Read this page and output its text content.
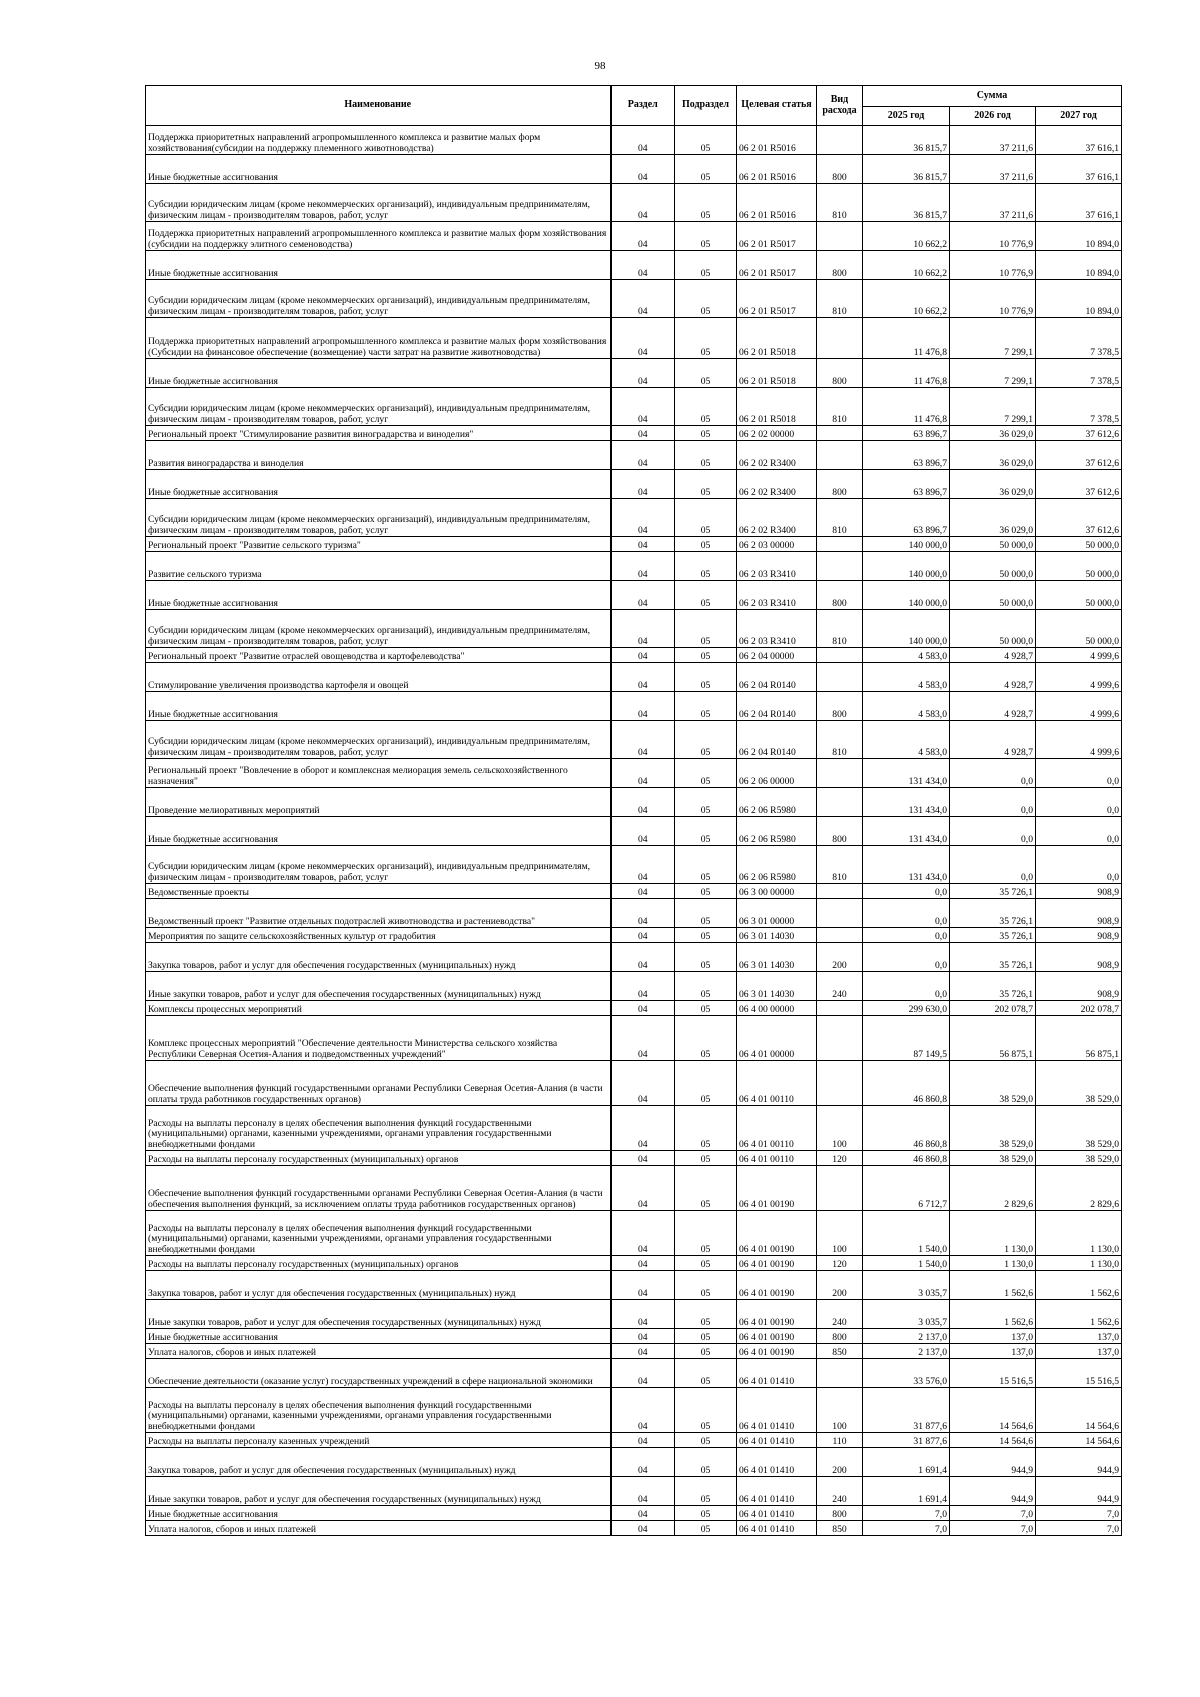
98
Наименование	Раздел	Подраздел	Целевая статья	Вид расхода	Сумма		
					2025 год	2026 год	2027 год

Поддержка приоритетных направлений агропромышленного комплекса и развитие малых форм хозяйствования(субсидии на поддержку племенного животноводства)	04	05	06 2 01 R5016		36 815,7	37 211,6	37 616,1

Иные бюджетные ассигнования	04	05	06 2 01 R5016	800	36 815,7	37 211,6	37 616,1

Субсидии юридическим лицам (кроме некоммерческих организаций), индивидуальным предпринимателям, физическим лицам - производителям товаров, работ, услуг	04	05	06 2 01 R5016	810	36 815,7	37 211,6	37 616,1

Поддержка приоритетных направлений агропромышленного комплекса и развитие малых форм хозяйствования (субсидии на поддержку элитного семеноводства)	04	05	06 2 01 R5017		10 662,2	10 776,9	10 894,0

Иные бюджетные ассигнования	04	05	06 2 01 R5017	800	10 662,2	10 776,9	10 894,0

Субсидии юридическим лицам (кроме некоммерческих организаций), индивидуальным предпринимателям, физическим лицам - производителям товаров, работ, услуг	04	05	06 2 01 R5017	810	10 662,2	10 776,9	10 894,0

Поддержка приоритетных направлений агропромышленного комплекса и развитие малых форм хозяйствования (Субсидии на финансовое обеспечение (возмещение) части затрат на развитие животноводства)	04	05	06 2 01 R5018		11 476,8	7 299,1	7 378,5

Иные бюджетные ассигнования	04	05	06 2 01 R5018	800	11 476,8	7 299,1	7 378,5

Субсидии юридическим лицам (кроме некоммерческих организаций), индивидуальным предпринимателям, физическим лицам - производителям товаров, работ, услуг	04	05	06 2 01 R5018	810	11 476,8	7 299,1	7 378,5

Региональный проект "Стимулирование развития виноградарства и виноделия"	04	05	06 2 02 00000		63 896,7	36 029,0	37 612,6

Развития виноградарства и виноделия	04	05	06 2 02 R3400		63 896,7	36 029,0	37 612,6

Иные бюджетные ассигнования	04	05	06 2 02 R3400	800	63 896,7	36 029,0	37 612,6

Субсидии юридическим лицам (кроме некоммерческих организаций), индивидуальным предпринимателям, физическим лицам - производителям товаров, работ, услуг	04	05	06 2 02 R3400	810	63 896,7	36 029,0	37 612,6

Региональный проект "Развитие сельского туризма"	04	05	06 2 03 00000		140 000,0	50 000,0	50 000,0

Развитие сельского туризма	04	05	06 2 03 R3410		140 000,0	50 000,0	50 000,0

Иные бюджетные ассигнования	04	05	06 2 03 R3410	800	140 000,0	50 000,0	50 000,0

Субсидии юридическим лицам (кроме некоммерческих организаций), индивидуальным предпринимателям, физическим лицам - производителям товаров, работ, услуг	04	05	06 2 03 R3410	810	140 000,0	50 000,0	50 000,0

Региональный проект "Развитие отраслей овощеводства и картофелеводства"	04	05	06 2 04 00000		4 583,0	4 928,7	4 999,6

Стимулирование увеличения производства картофеля и овощей	04	05	06 2 04 R0140		4 583,0	4 928,7	4 999,6

Иные бюджетные ассигнования	04	05	06 2 04 R0140	800	4 583,0	4 928,7	4 999,6

Субсидии юридическим лицам (кроме некоммерческих организаций), индивидуальным предпринимателям, физическим лицам - производителям товаров, работ, услуг	04	05	06 2 04 R0140	810	4 583,0	4 928,7	4 999,6

Региональный проект "Вовлечение в оборот и комплексная мелиорация земель сельскохозяйственного назначения"	04	05	06 2 06 00000		131 434,0	0,0	0,0

Проведение мелиоративных мероприятий	04	05	06 2 06 R5980		131 434,0	0,0	0,0

Иные бюджетные ассигнования	04	05	06 2 06 R5980	800	131 434,0	0,0	0,0

Субсидии юридическим лицам (кроме некоммерческих организаций), индивидуальным предпринимателям, физическим лицам - производителям товаров, работ, услуг	04	05	06 2 06 R5980	810	131 434,0	0,0	0,0

Ведомственные проекты	04	05	06 3 00 00000		0,0	35 726,1	908,9

Ведомственный проект "Развитие отдельных подотраслей животноводства и растениеводства"	04	05	06 3 01 00000		0,0	35 726,1	908,9

Мероприятия по защите сельскохозяйственных культур от градобития	04	05	06 3 01 14030		0,0	35 726,1	908,9

Закупка товаров, работ и услуг для обеспечения государственных (муниципальных) нужд	04	05	06 3 01 14030	200	0,0	35 726,1	908,9

Иные закупки товаров, работ и услуг для обеспечения государственных (муниципальных) нужд	04	05	06 3 01 14030	240	0,0	35 726,1	908,9

Комплексы процессных мероприятий	04	05	06 4 00 00000		299 630,0	202 078,7	202 078,7

Комплекс процессных мероприятий "Обеспечение деятельности Министерства сельского хозяйства Республики Северная Осетия-Алания и подведомственных учреждений"	04	05	06 4 01 00000		87 149,5	56 875,1	56 875,1

Обеспечение выполнения функций государственными органами Республики Северная Осетия-Алания (в части оплаты труда работников государственных органов)	04	05	06 4 01 00110		46 860,8	38 529,0	38 529,0

Расходы на выплаты персоналу в целях обеспечения выполнения функций государственными (муниципальными) органами, казенными учреждениями, органами управления государственными внебюджетными фондами	04	05	06 4 01 00110	100	46 860,8	38 529,0	38 529,0

Расходы на выплаты персоналу государственных (муниципальных) органов	04	05	06 4 01 00110	120	46 860,8	38 529,0	38 529,0

Обеспечение выполнения функций государственными органами Республики Северная Осетия-Алания (в части обеспечения выполнения функций, за исключением оплаты труда работников государственных органов)	04	05	06 4 01 00190		6 712,7	2 829,6	2 829,6

Расходы на выплаты персоналу в целях обеспечения выполнения функций государственными (муниципальными) органами, казенными учреждениями, органами управления государственными внебюджетными фондами	04	05	06 4 01 00190	100	1 540,0	1 130,0	1 130,0

Расходы на выплаты персоналу государственных (муниципальных) органов	04	05	06 4 01 00190	120	1 540,0	1 130,0	1 130,0

Закупка товаров, работ и услуг для обеспечения государственных (муниципальных) нужд	04	05	06 4 01 00190	200	3 035,7	1 562,6	1 562,6

Иные закупки товаров, работ и услуг для обеспечения государственных (муниципальных) нужд	04	05	06 4 01 00190	240	3 035,7	1 562,6	1 562,6

Иные бюджетные ассигнования	04	05	06 4 01 00190	800	2 137,0	137,0	137,0

Уплата налогов, сборов и иных платежей	04	05	06 4 01 00190	850	2 137,0	137,0	137,0

Обеспечение деятельности (оказание услуг) государственных учреждений в сфере национальной экономики	04	05	06 4 01 01410		33 576,0	15 516,5	15 516,5

Расходы на выплаты персоналу в целях обеспечения выполнения функций государственными (муниципальными) органами, казенными учреждениями, органами управления государственными внебюджетными фондами	04	05	06 4 01 01410	100	31 877,6	14 564,6	14 564,6

Расходы на выплаты персоналу казенных учреждений	04	05	06 4 01 01410	110	31 877,6	14 564,6	14 564,6

Закупка товаров, работ и услуг для обеспечения государственных (муниципальных) нужд	04	05	06 4 01 01410	200	1 691,4	944,9	944,9

Иные закупки товаров, работ и услуг для обеспечения государственных (муниципальных) нужд	04	05	06 4 01 01410	240	1 691,4	944,9	944,9

Иные бюджетные ассигнования	04	05	06 4 01 01410	800	7,0	7,0	7,0

Уплата налогов, сборов и иных платежей	04	05	06 4 01 01410	850	7,0	7,0	7,0
